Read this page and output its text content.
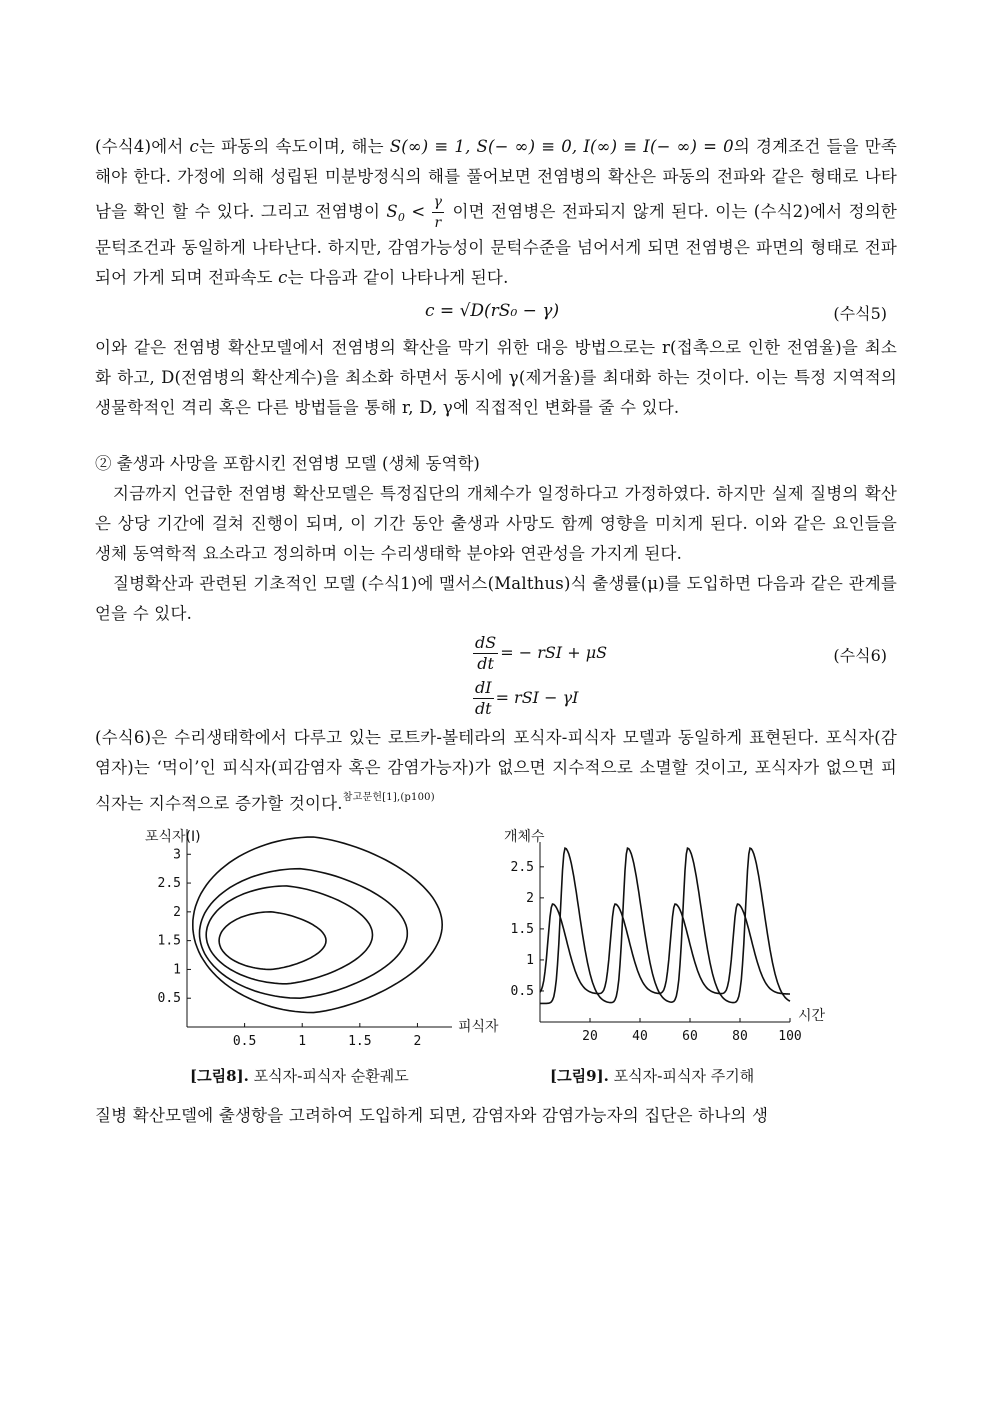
(수식4)에서 c는 파동의 속도이며, 해는 S(∞) ≡ 1, S(− ∞) ≡ 0, I(∞) ≡ I(− ∞) = 0의 경계조건 들을 만족해야 한다. 가정에 의해 성립된 미분방정식의 해를 풀어보면 전염병의 확산은 파동의 전파와 같은 형태로 나타남을 확인 할 수 있다. 그리고 전염병이 $S_0 < \frac{\gamma}{r}$ 이면 전염병은 전파되지 않게 된다. 이는 (수식2)에서 정의한 문턱조건과 동일하게 나타난다. 하지만, 감염가능성이 문턱수준을 넘어서게 되면 전염병은 파면의 형태로 전파되어 가게 되며 전파속도 c는 다음과 같이 나타나게 된다.

c = √D(rS₀ − γ)	(수식5)

이와 같은 전염병 확산모델에서 전염병의 확산을 막기 위한 대응 방법으로는 r(접촉으로 인한 전염율)을 최소화 하고, D(전염병의 확산계수)을 최소화 하면서 동시에 γ(제거율)를 최대화 하는 것이다. 이는 특정 지역적의 생물학적인 격리 혹은 다른 방법들을 통해 r, D, γ에 직접적인 변화를 줄 수 있다.

② 출생과 사망을 포함시킨 전염병 모델 (생체 동역학)

지금까지 언급한 전염병 확산모델은 특정집단의 개체수가 일정하다고 가정하였다. 하지만 실제 질병의 확산은 상당 기간에 걸쳐 진행이 되며, 이 기간 동안 출생과 사망도 함께 영향을 미치게 된다. 이와 같은 요인들을 생체 동역학적 요소라고 정의하며 이는 수리생태학 분야와 연관성을 가지게 된다.

질병확산과 관련된 기초적인 모델 (수식1)에 맬서스(Malthus)식 출생률(μ)를 도입하면 다음과 같은 관계를 얻을 수 있다.

$\frac{dS}{dt}$ = − rSI + μS
$\frac{dI}{dt}$ = rSI − γI
(수식6)

(수식6)은 수리생태학에서 다루고 있는 로트카-볼테라의 포식자-피식자 모델과 동일하게 표현된다. 포식자(감염자)는 ‘먹이’인 피식자(피감염자 혹은 감염가능자)가 없으면 지수적으로 소멸할 것이고, 포식자가 없으면 피식자는 지수적으로 증가할 것이다.$^{참고문헌[1],(p100)}$

0.5	1	1.5	2
0.5
1
1.5
2
2.5
3
포식자(I)
피식자
20	40	60	80 100
0.5
1
1.5
2
2.5
개체수
시간
[그림8]. 포식자-피식자 순환궤도	[그림9]. 포식자-피식자 주기해

질병 확산모델에 출생항을 고려하여 도입하게 되면, 감염자와 감염가능자의 집단은 하나의 생
